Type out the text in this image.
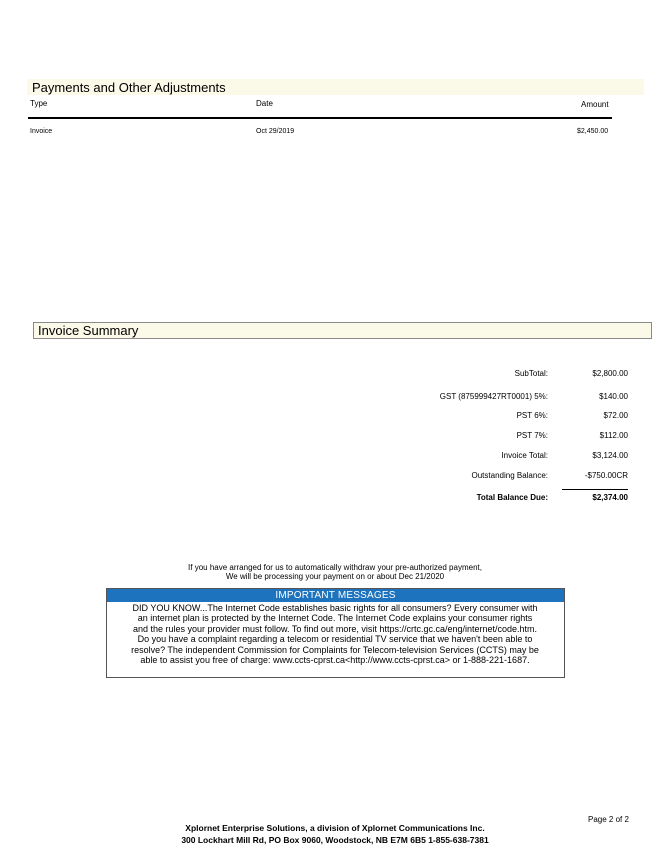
Payments and Other Adjustments
Type	Date	Amount
Invoice	Oct 29/2019	$2,450.00
Invoice Summary
SubTotal:	$2,800.00
GST (875999427RT0001) 5%:	$140.00
PST 6%:	$72.00
PST 7%:	$112.00
Invoice Total:	$3,124.00
Outstanding Balance:	-$750.00CR
Total Balance Due:	$2,374.00
If you have arranged for us to automatically withdraw your pre-authorized payment,
We will be processing your payment on or about Dec 21/2020
IMPORTANT MESSAGES
DID YOU KNOW...The Internet Code establishes basic rights for all consumers? Every consumer with
an internet plan is protected by the Internet Code. The Internet Code explains your consumer rights
and the rules your provider must follow. To find out more, visit https://crtc.gc.ca/eng/internet/code.htm.
Do you have a complaint regarding a telecom or residential TV service that we haven't been able to
resolve? The independent Commission for Complaints for Telecom-television Services (CCTS) may be
able to assist you free of charge: www.ccts-cprst.ca<http://www.ccts-cprst.ca> or 1-888-221-1687.
Page 2 of 2
Xplornet Enterprise Solutions, a division of Xplornet Communications Inc.
300 Lockhart Mill Rd, PO Box 9060, Woodstock, NB E7M 6B5 1-855-638-7381
